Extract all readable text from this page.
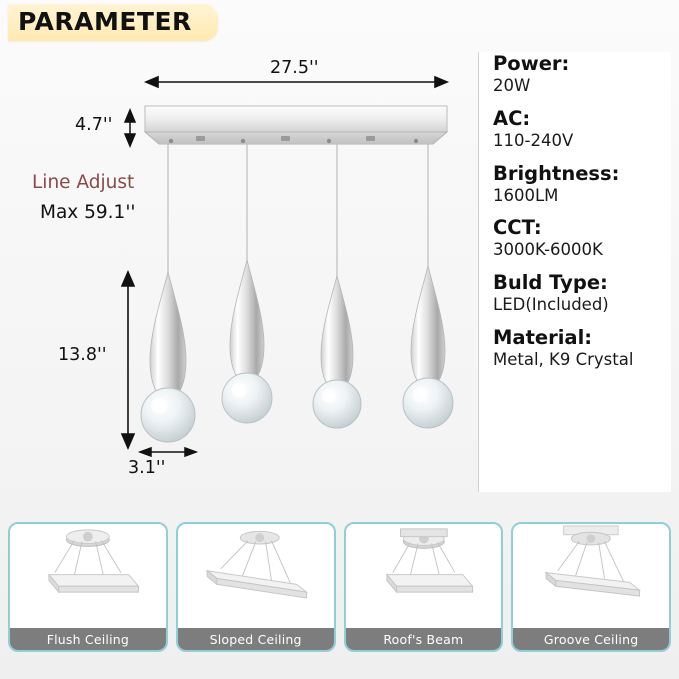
PARAMETER
27.5''
4.7''
13.8''
3.1''
Line Adjust
Max 59.1''
Power:
20W
AC:
110-240V
Brightness:
1600LM
CCT:
3000K-6000K
Buld Type:
LED(Included)
Material:
Metal, K9 Crystal
Flush Ceiling	Sloped Ceiling	Roof's Beam	Groove Ceiling
